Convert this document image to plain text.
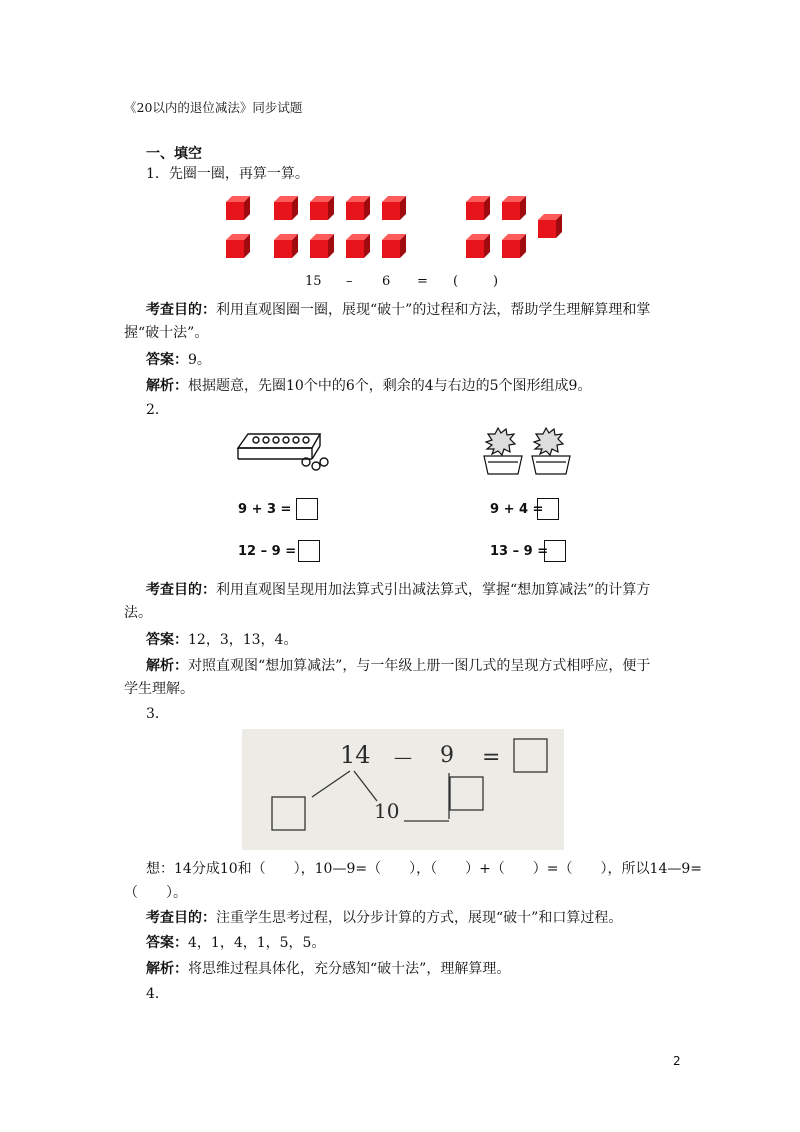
《20以内的退位减法》同步试题
一、填空
1．先圈一圈，再算一算。
15 – 6 = (	)
考查目的：利用直观图圈一圈，展现“破十”的过程和方法，帮助学生理解算理和掌
握“破十法”。
答案：9。
解析：根据题意，先圈10个中的6个，剩余的4与右边的5个图形组成9。
2．
9 + 3 =
12 – 9 =
9 + 4 =
13 – 9 =
考查目的：利用直观图呈现用加法算式引出减法算式，掌握“想加算减法”的计算方
法。
答案：12，3，13，4。
解析：对照直观图“想加算减法”，与一年级上册一图几式的呈现方式相呼应，便于
学生理解。
3．
14 — 9 =
10
想：14分成10和（　　），10—9=（　　），（　　）+（　　）=（　　），所以14—9=
（　　）。
考查目的：注重学生思考过程，以分步计算的方式，展现“破十”和口算过程。
答案：4，1，4，1，5，5。
解析：将思维过程具体化，充分感知“破十法”，理解算理。
4．
2
